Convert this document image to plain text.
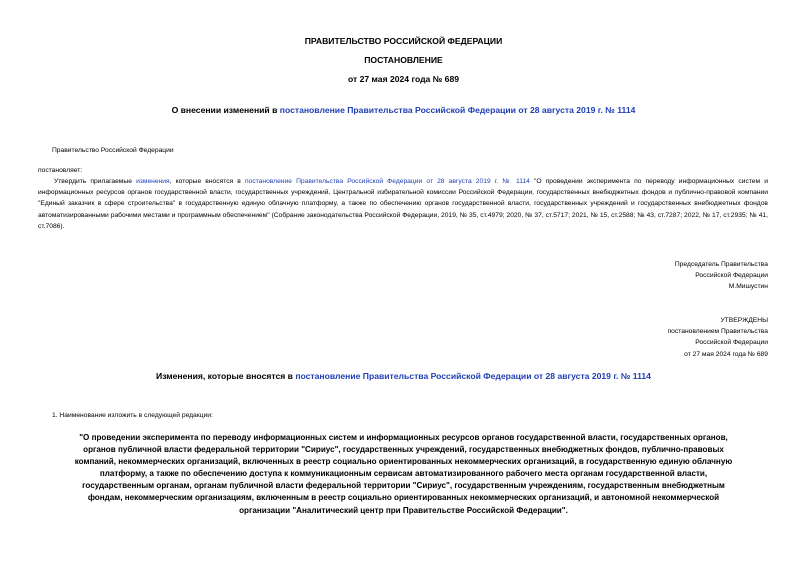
ПРАВИТЕЛЬСТВО РОССИЙСКОЙ ФЕДЕРАЦИИ
ПОСТАНОВЛЕНИЕ
от 27 мая 2024 года № 689
О внесении изменений в постановление Правительства Российской Федерации от 28 августа 2019 г. № 1114
Правительство Российской Федерации
постановляет:
Утвердить прилагаемые изменения, которые вносятся в постановление Правительства Российской Федерации от 28 августа 2019 г. № 1114 "О проведении эксперимента по переводу информационных систем и информационных ресурсов органов государственной власти, государственных учреждений, Центральной избирательной комиссии Российской Федерации, государственных внебюджетных фондов и публично-правовой компании "Единый заказчик в сфере строительства" в государственную единую облачную платформу, а также по обеспечению органов государственной власти, государственных учреждений и государственных внебюджетных фондов автоматизированными рабочими местами и программным обеспечением" (Собрание законодательства Российской Федерации, 2019, № 35, ст.4979; 2020, № 37, ст.5717; 2021, № 15, ст.2588; № 43, ст.7287; 2022, № 17, ст.2935; № 41, ст.7086).
Председатель Правительства
Российской Федерации
М.Мишустин
УТВЕРЖДЕНЫ
постановлением Правительства
Российской Федерации
от 27 мая 2024 года № 689
Изменения, которые вносятся в постановление Правительства Российской Федерации от 28 августа 2019 г. № 1114
1. Наименование изложить в следующей редакции:
"О проведении эксперимента по переводу информационных систем и информационных ресурсов органов государственной власти, государственных органов,
органов публичной власти федеральной территории "Сириус", государственных учреждений, государственных внебюджетных фондов, публично-правовых
компаний, некоммерческих организаций, включенных в реестр социально ориентированных некоммерческих организаций, в государственную единую облачную
платформу, а также по обеспечению доступа к коммуникационным сервисам автоматизированного рабочего места органам государственной власти,
государственным органам, органам публичной власти федеральной территории "Сириус", государственным учреждениям, государственным внебюджетным
фондам, некоммерческим организациям, включенным в реестр социально ориентированных некоммерческих организаций, и автономной некоммерческой
организации "Аналитический центр при Правительстве Российской Федерации".
